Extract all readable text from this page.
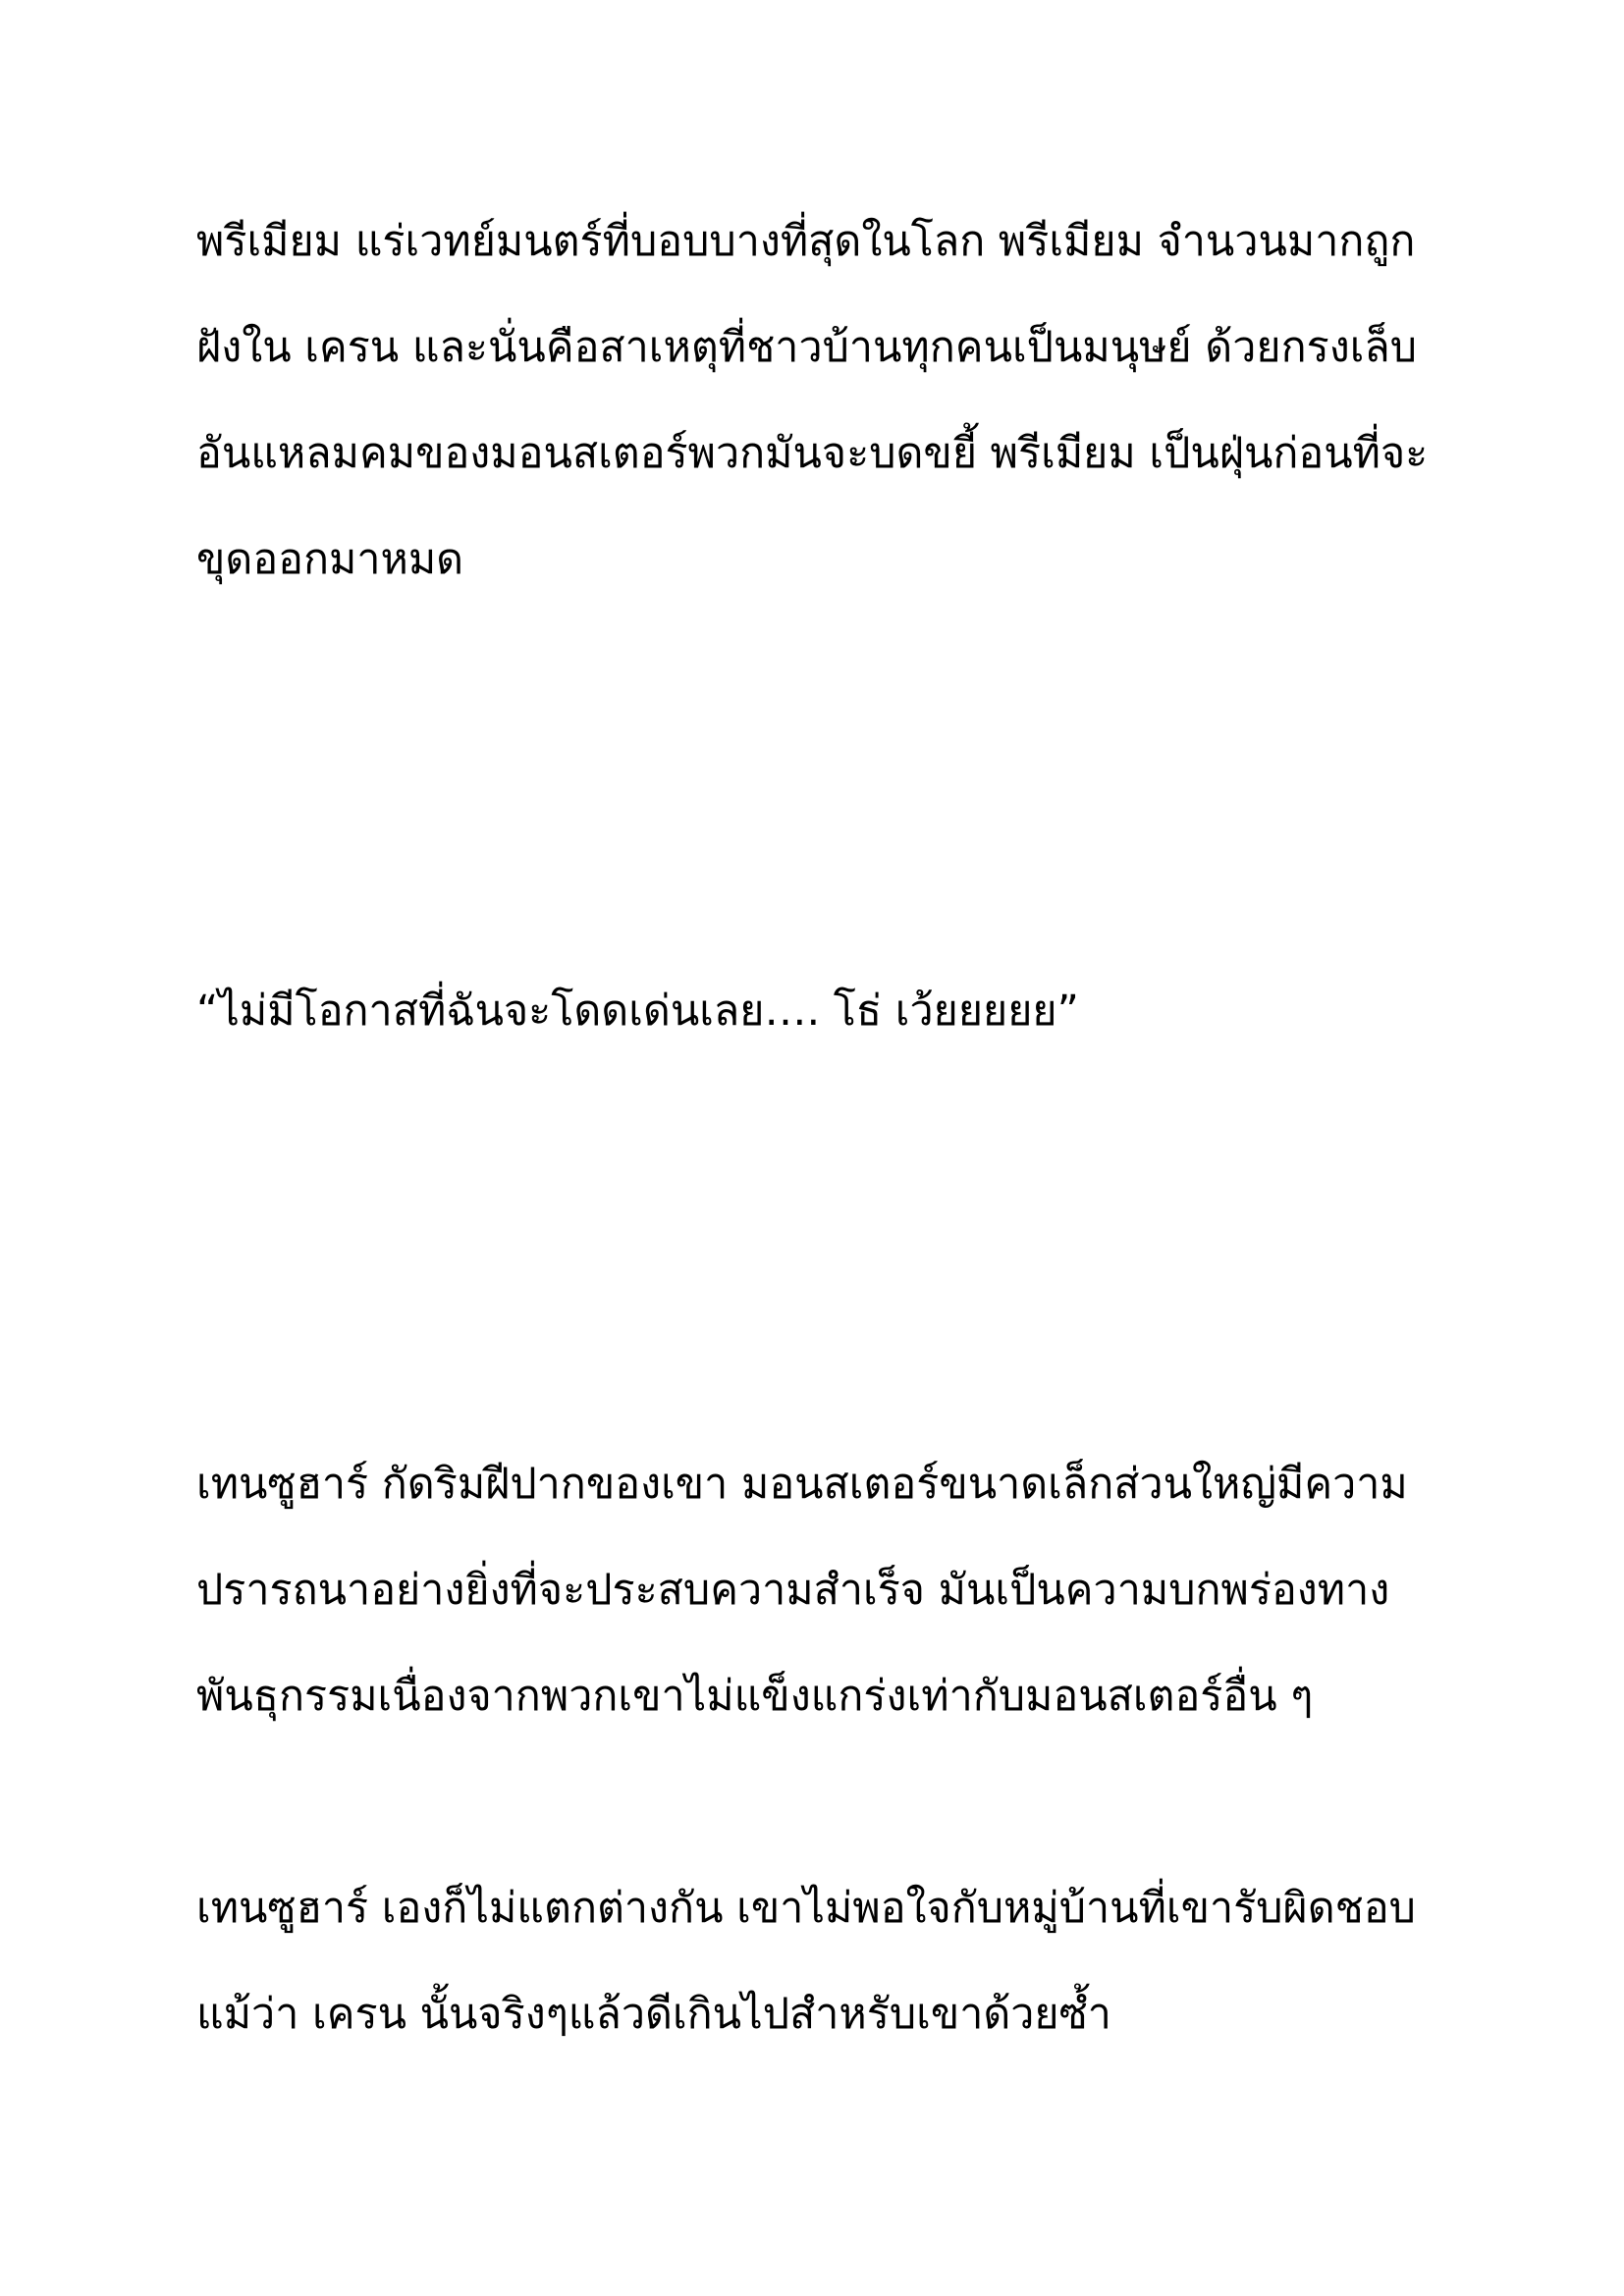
พรีเมียม แร่เวทย์มนตร์ที่บอบบางที่สุดในโลก พรีเมียม จำนวนมากถูก
ฝังใน เครน และนั่นคือสาเหตุที่ชาวบ้านทุกคนเป็นมนุษย์ ด้วยกรงเล็บ
อันแหลมคมของมอนสเตอร์พวกมันจะบดขยี้ พรีเมียม เป็นฝุ่นก่อนที่จะ
ขุดออกมาหมด

“ไม่มีโอกาสที่ฉันจะโดดเด่นเลย…. โธ่ เว้ยยยยย”

เทนซูฮาร์ กัดริมฝีปากของเขา มอนสเตอร์ขนาดเล็กส่วนใหญ่มีความ
ปรารถนาอย่างยิ่งที่จะประสบความสำเร็จ มันเป็นความบกพร่องทาง
พันธุกรรมเนื่องจากพวกเขาไม่แข็งแกร่งเท่ากับมอนสเตอร์อื่น ๆ

เทนซูฮาร์ เองก็ไม่แตกต่างกัน เขาไม่พอใจกับหมู่บ้านที่เขารับผิดชอบ
แม้ว่า เครน นั้นจริงๆแล้วดีเกินไปสำหรับเขาด้วยซ้ำ
